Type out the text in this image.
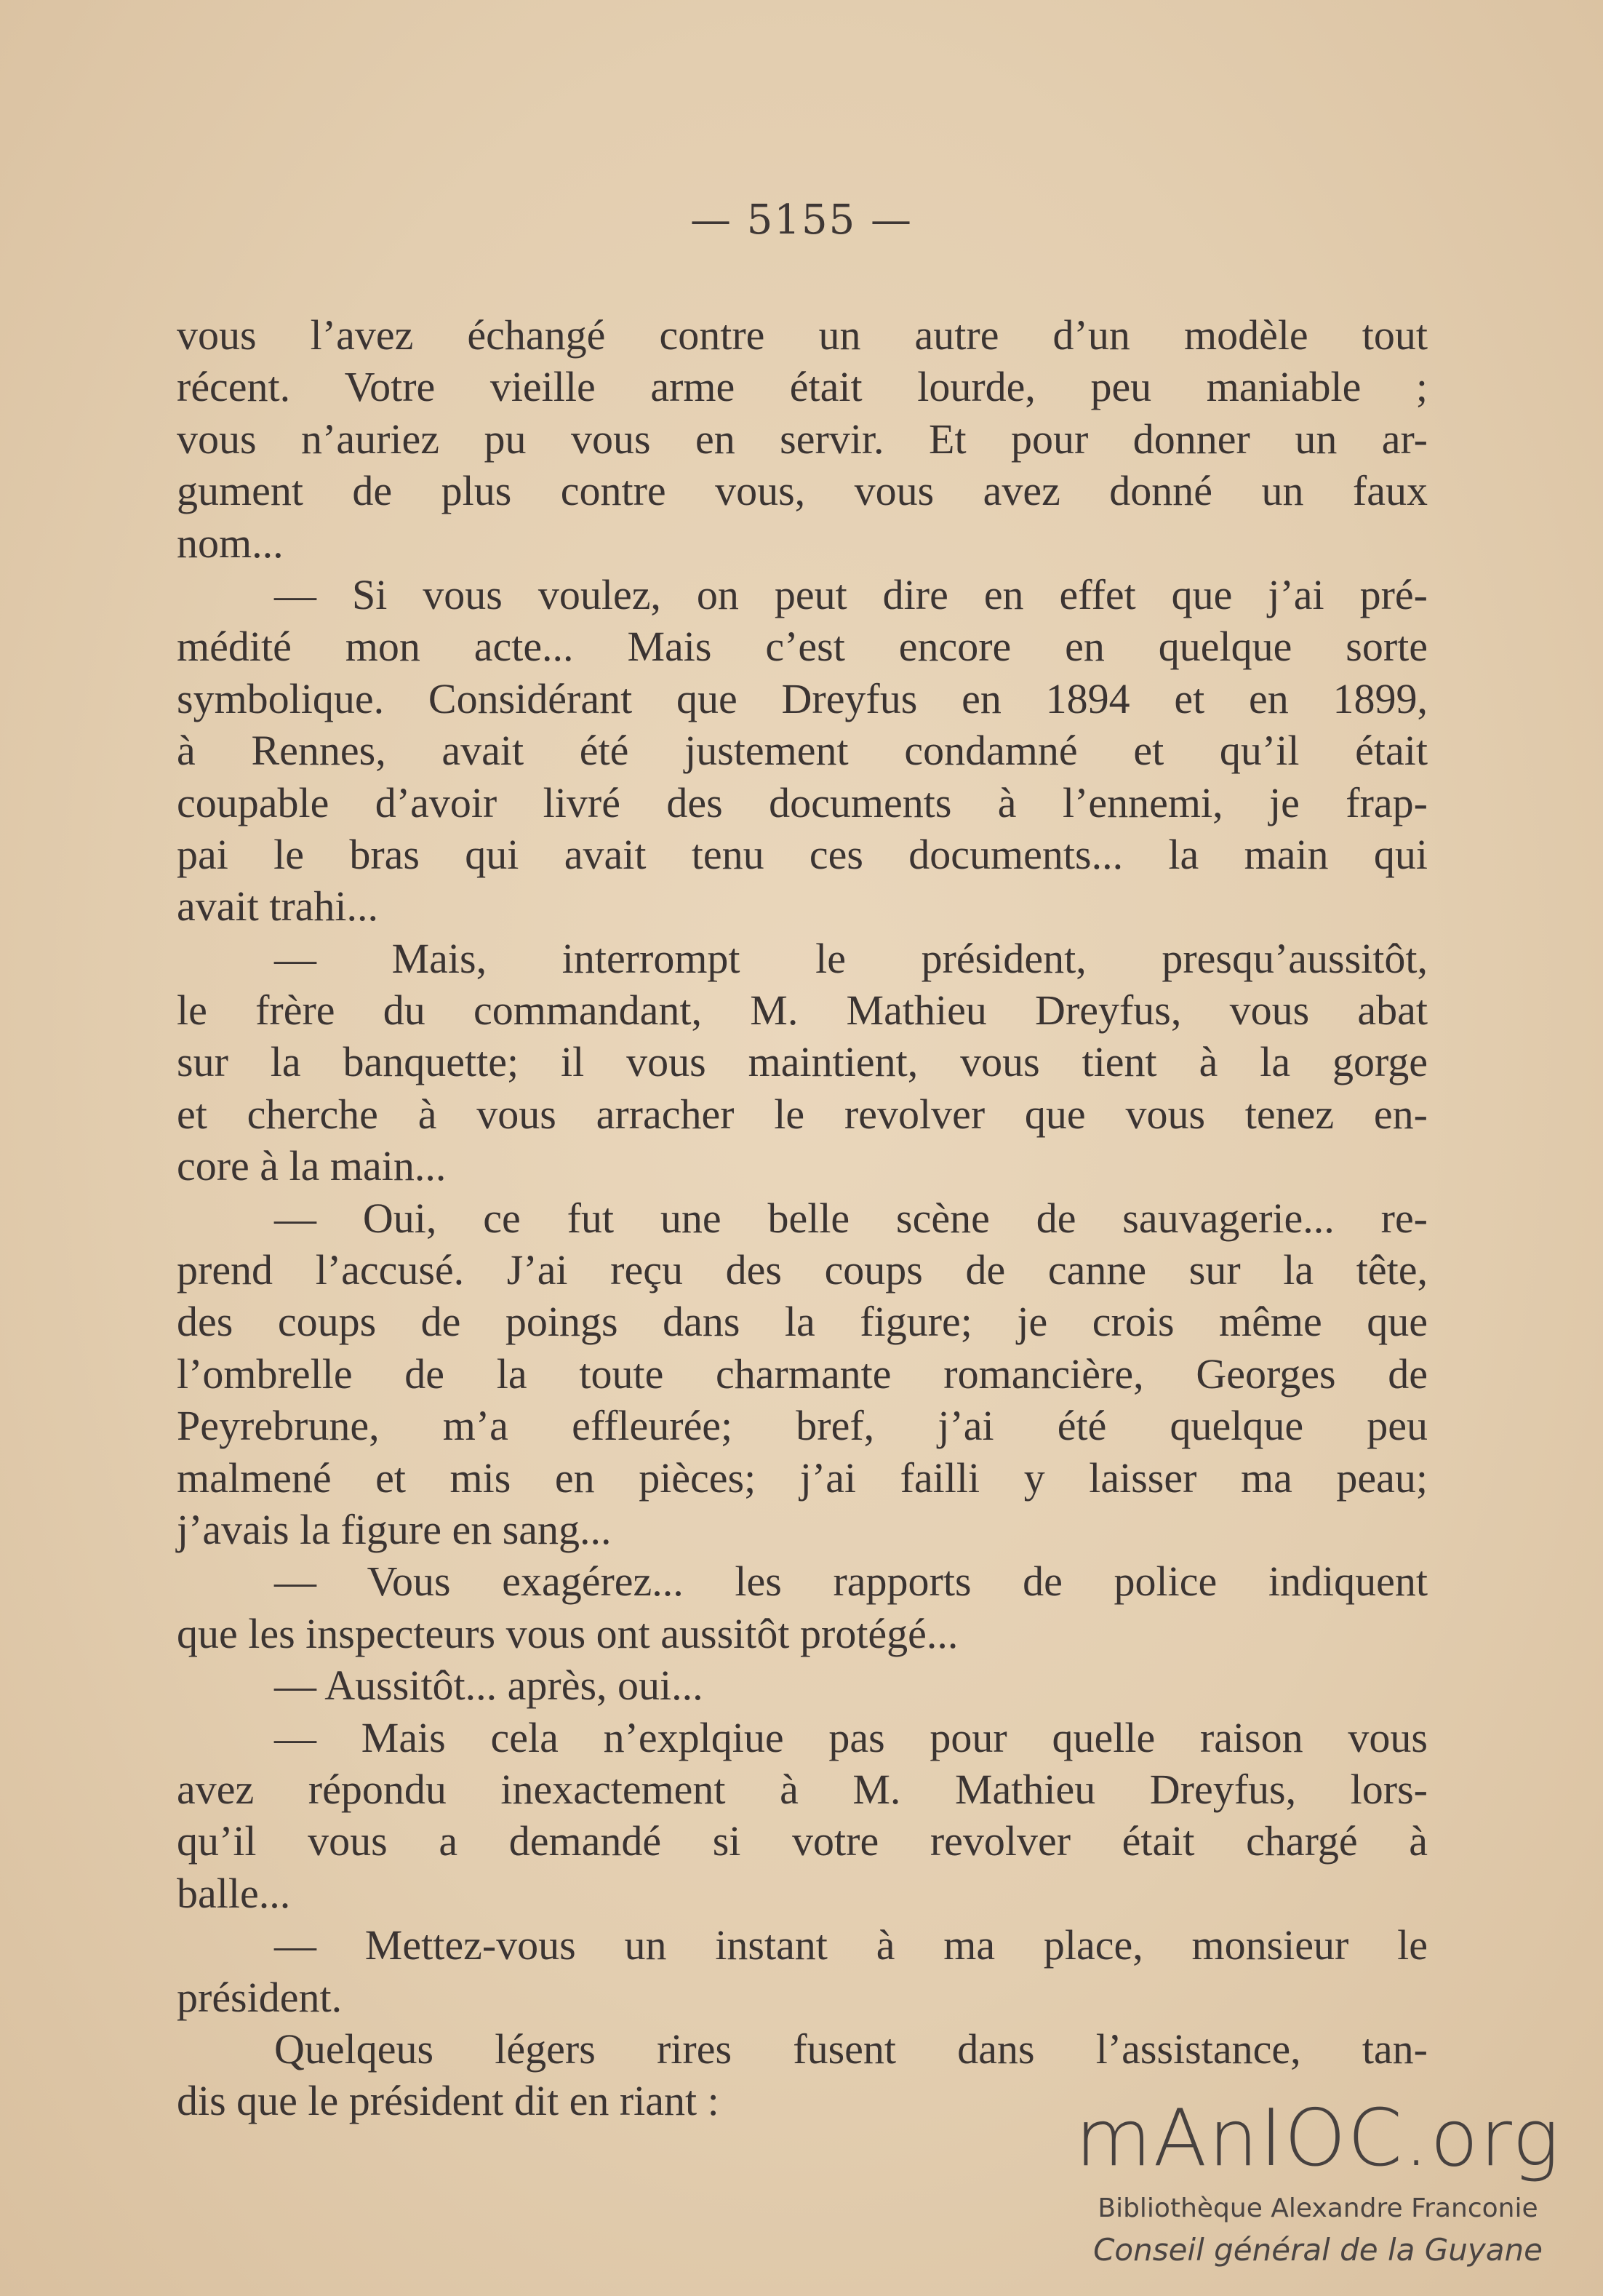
— 5155 —
vous l’avez échangé contre un autre d’un modèle tout
récent. Votre vieille arme était lourde, peu maniable ;
vous n’auriez pu vous en servir. Et pour donner un ar-
gument de plus contre vous, vous avez donné un faux
nom...
— Si vous voulez, on peut dire en effet que j’ai pré-
médité mon acte... Mais c’est encore en quelque sorte
symbolique. Considérant que Dreyfus en 1894 et en 1899,
à Rennes, avait été justement condamné et qu’il était
coupable d’avoir livré des documents à l’ennemi, je frap-
pai le bras qui avait tenu ces documents... la main qui
avait trahi...
— Mais, interrompt le président, presqu’aussitôt,
le frère du commandant, M. Mathieu Dreyfus, vous abat
sur la banquette; il vous maintient, vous tient à la gorge
et cherche à vous arracher le revolver que vous tenez en-
core à la main...
— Oui, ce fut une belle scène de sauvagerie... re-
prend l’accusé. J’ai reçu des coups de canne sur la tête,
des coups de poings dans la figure; je crois même que
l’ombrelle de la toute charmante romancière, Georges de
Peyrebrune, m’a effleurée; bref, j’ai été quelque peu
malmené et mis en pièces; j’ai failli y laisser ma peau;
j’avais la figure en sang...
— Vous exagérez... les rapports de police indiquent
que les inspecteurs vous ont aussitôt protégé...
— Aussitôt... après, oui...
— Mais cela n’explqiue pas pour quelle raison vous
avez répondu inexactement à M. Mathieu Dreyfus, lors-
qu’il vous a demandé si votre revolver était chargé à
balle...
— Mettez-vous un instant à ma place, monsieur le
président.
Quelqeus légers rires fusent dans l’assistance, tan-
dis que le président dit en riant :	mAnIOC.org
Bibliothèque Alexandre Franconie
Conseil général de la Guyane
